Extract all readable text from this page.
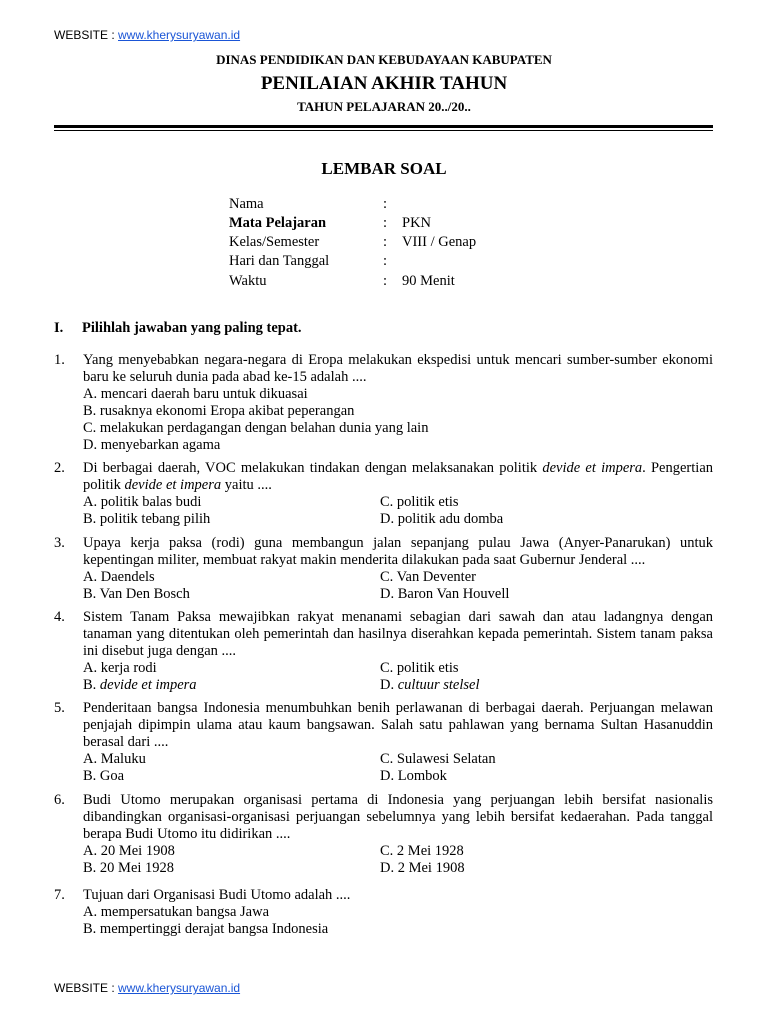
WEBSITE : www.kherysuryawan.id
DINAS PENDIDIKAN DAN KEBUDAYAAN KABUPATEN
PENILAIAN AKHIR TAHUN
TAHUN PELAJARAN 20../20..
LEMBAR SOAL
Nama	:
Mata Pelajaran	: PKN
Kelas/Semester	: VIII / Genap
Hari dan Tanggal	:
Waktu	: 90 Menit
I. Pilihlah jawaban yang paling tepat.
1. Yang menyebabkan negara-negara di Eropa melakukan ekspedisi untuk mencari sumber-sumber ekonomi baru ke seluruh dunia pada abad ke-15 adalah ....
A. mencari daerah baru untuk dikuasai
B. rusaknya ekonomi Eropa akibat peperangan
C. melakukan perdagangan dengan belahan dunia yang lain
D. menyebarkan agama
2. Di berbagai daerah, VOC melakukan tindakan dengan melaksanakan politik devide et impera. Pengertian politik devide et impera yaitu ....
A. politik balas budi	C. politik etis
B. politik tebang pilih	D. politik adu domba
3. Upaya kerja paksa (rodi) guna membangun jalan sepanjang pulau Jawa (Anyer-Panarukan) untuk kepentingan militer, membuat rakyat makin menderita dilakukan pada saat Gubernur Jenderal ....
A. Daendels	C. Van Deventer
B. Van Den Bosch	D. Baron Van Houvell
4. Sistem Tanam Paksa mewajibkan rakyat menanami sebagian dari sawah dan atau ladangnya dengan tanaman yang ditentukan oleh pemerintah dan hasilnya diserahkan kepada pemerintah. Sistem tanam paksa ini disebut juga dengan ....
A. kerja rodi	C. politik etis
B. devide et impera	D. cultuur stelsel
5. Penderitaan bangsa Indonesia menumbuhkan benih perlawanan di berbagai daerah. Perjuangan melawan penjajah dipimpin ulama atau kaum bangsawan. Salah satu pahlawan yang bernama Sultan Hasanuddin berasal dari ....
A. Maluku	C. Sulawesi Selatan
B. Goa	D. Lombok
6. Budi Utomo merupakan organisasi pertama di Indonesia yang perjuangan lebih bersifat nasionalis dibandingkan organisasi-organisasi perjuangan sebelumnya yang lebih bersifat kedaerahan. Pada tanggal berapa Budi Utomo itu didirikan ....
A. 20 Mei 1908	C. 2 Mei 1928
B. 20 Mei 1928	D. 2 Mei 1908
7. Tujuan dari Organisasi Budi Utomo adalah ....
A. mempersatukan bangsa Jawa
B. mempertinggi derajat bangsa Indonesia
WEBSITE : www.kherysuryawan.id
